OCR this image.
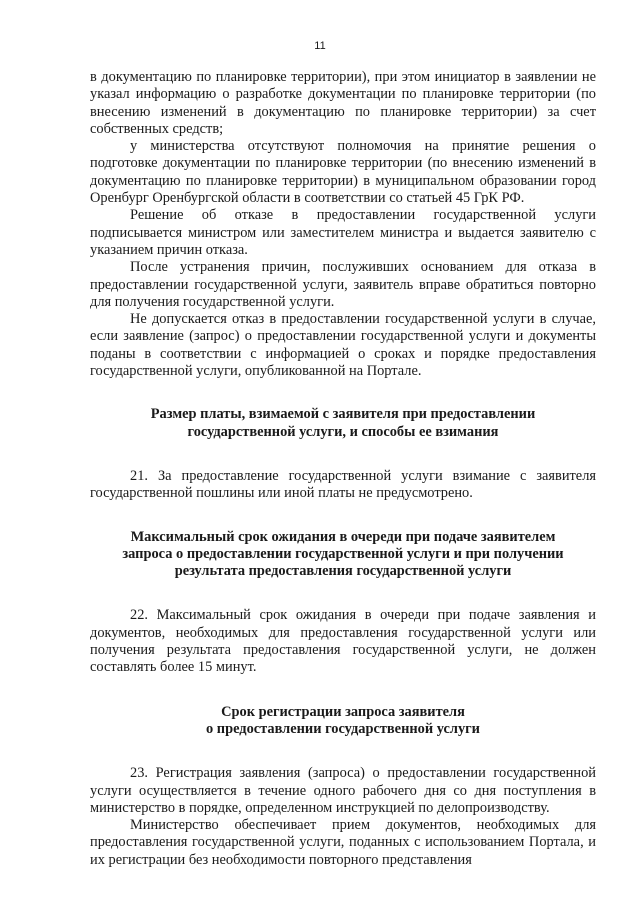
11

в документацию по планировке территории), при этом инициатор в заявлении не указал информацию о разработке документации по планировке территории (по внесению изменений в документацию по планировке территории) за счет собственных средств;

у министерства отсутствуют полномочия на принятие решения о подготовке документации по планировке территории (по внесению изменений в документацию по планировке территории) в муниципальном образовании город Оренбург Оренбургской области в соответствии со статьей 45 ГрК РФ.

Решение об отказе в предоставлении государственной услуги подписывается министром или заместителем министра и выдается заявителю с указанием причин отказа.

После устранения причин, послуживших основанием для отказа в предоставлении государственной услуги, заявитель вправе обратиться повторно для получения государственной услуги.

Не допускается отказ в предоставлении государственной услуги в случае, если заявление (запрос) о предоставлении государственной услуги и документы поданы в соответствии с информацией о сроках и порядке предоставления государственной услуги, опубликованной на Портале.

Размер платы, взимаемой с заявителя при предоставлении
государственной услуги, и способы ее взимания

21. За предоставление государственной услуги взимание с заявителя государственной пошлины или иной платы не предусмотрено.

Максимальный срок ожидания в очереди при подаче заявителем
запроса о предоставлении государственной услуги и при получении
результата предоставления государственной услуги

22. Максимальный срок ожидания в очереди при подаче заявления и документов, необходимых для предоставления государственной услуги или получения результата предоставления государственной услуги, не должен составлять более 15 минут.

Срок регистрации запроса заявителя
о предоставлении государственной услуги

23. Регистрация заявления (запроса) о предоставлении государственной услуги осуществляется в течение одного рабочего дня со дня поступления в министерство в порядке, определенном инструкцией по делопроизводству.

Министерство обеспечивает прием документов, необходимых для предоставления государственной услуги, поданных с использованием Портала, и их регистрации без необходимости повторного представления
